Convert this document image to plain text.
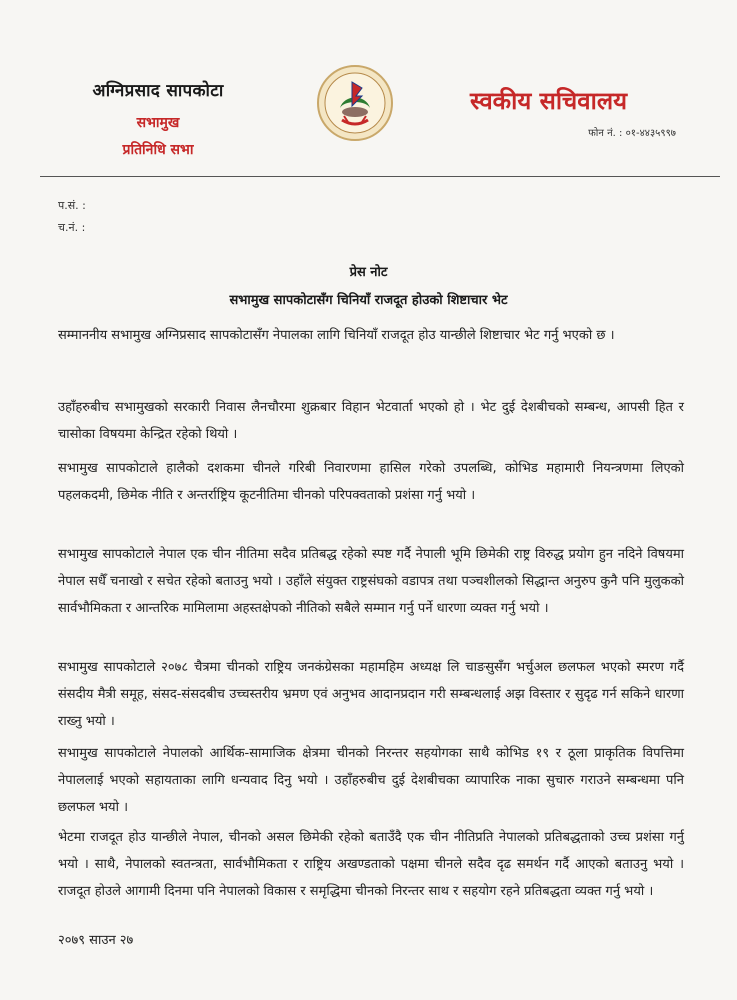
अग्निप्रसाद सापकोटा
सभामुख
प्रतिनिधि सभा
स्वकीय सचिवालय
फोन नं. : ०१-४४३५९९७
प.सं. :
च.नं. :
प्रेस नोट
सभामुख सापकोटासँग चिनियाँ राजदूत होउको शिष्टाचार भेट

सम्माननीय सभामुख अग्निप्रसाद सापकोटासँग नेपालका लागि चिनियाँ राजदूत होउ यान्छीले शिष्टाचार भेट गर्नु भएको छ ।

उहाँहरुबीच सभामुखको सरकारी निवास लैनचौरमा शुक्रबार विहान भेटवार्ता भएको हो । भेट दुई देशबीचको सम्बन्ध, आपसी हित र चासोका विषयमा केन्द्रित रहेको थियो ।

सभामुख सापकोटाले हालैको दशकमा चीनले गरिबी निवारणमा हासिल गरेको उपलब्धि, कोभिड महामारी नियन्त्रणमा लिएको पहलकदमी, छिमेक नीति र अन्तर्राष्ट्रिय कूटनीतिमा चीनको परिपक्वताको प्रशंसा गर्नु भयो ।

सभामुख सापकोटाले नेपाल एक चीन नीतिमा सदैव प्रतिबद्ध रहेको स्पष्ट गर्दै नेपाली भूमि छिमेकी राष्ट्र विरुद्ध प्रयोग हुन नदिने विषयमा नेपाल सधैँ चनाखो र सचेत रहेको बताउनु भयो । उहाँले संयुक्त राष्ट्रसंघको वडापत्र तथा पञ्चशीलको सिद्धान्त अनुरुप कुनै पनि मुलुकको सार्वभौमिकता र आन्तरिक मामिलामा अहस्तक्षेपको नीतिको सबैले सम्मान गर्नु पर्ने धारणा व्यक्त गर्नु भयो ।

सभामुख सापकोटाले २०७८ चैत्रमा चीनको राष्ट्रिय जनकंग्रेसका महामहिम अध्यक्ष लि चाङसुसँग भर्चुअल छलफल भएको स्मरण गर्दै संसदीय मैत्री समूह, संसद-संसदबीच उच्चस्तरीय भ्रमण एवं अनुभव आदानप्रदान गरी सम्बन्धलाई अझ विस्तार र सुदृढ गर्न सकिने धारणा राख्नु भयो ।

सभामुख सापकोटाले नेपालको आर्थिक-सामाजिक क्षेत्रमा चीनको निरन्तर सहयोगका साथै कोभिड १९ र ठूला प्राकृतिक विपत्तिमा नेपाललाई भएको सहायताका लागि धन्यवाद दिनु भयो । उहाँहरुबीच दुई देशबीचका व्यापारिक नाका सुचारु गराउने सम्बन्धमा पनि छलफल भयो ।

भेटमा राजदूत होउ यान्छीले नेपाल, चीनको असल छिमेकी रहेको बताउँदै एक चीन नीतिप्रति नेपालको प्रतिबद्धताको उच्च प्रशंसा गर्नु भयो । साथै, नेपालको स्वतन्त्रता, सार्वभौमिकता र राष्ट्रिय अखण्डताको पक्षमा चीनले सदैव दृढ समर्थन गर्दै आएको बताउनु भयो । राजदूत होउले आगामी दिनमा पनि नेपालको विकास र समृद्धिमा चीनको निरन्तर साथ र सहयोग रहने प्रतिबद्धता व्यक्त गर्नु भयो ।

२०७९ साउन २७
